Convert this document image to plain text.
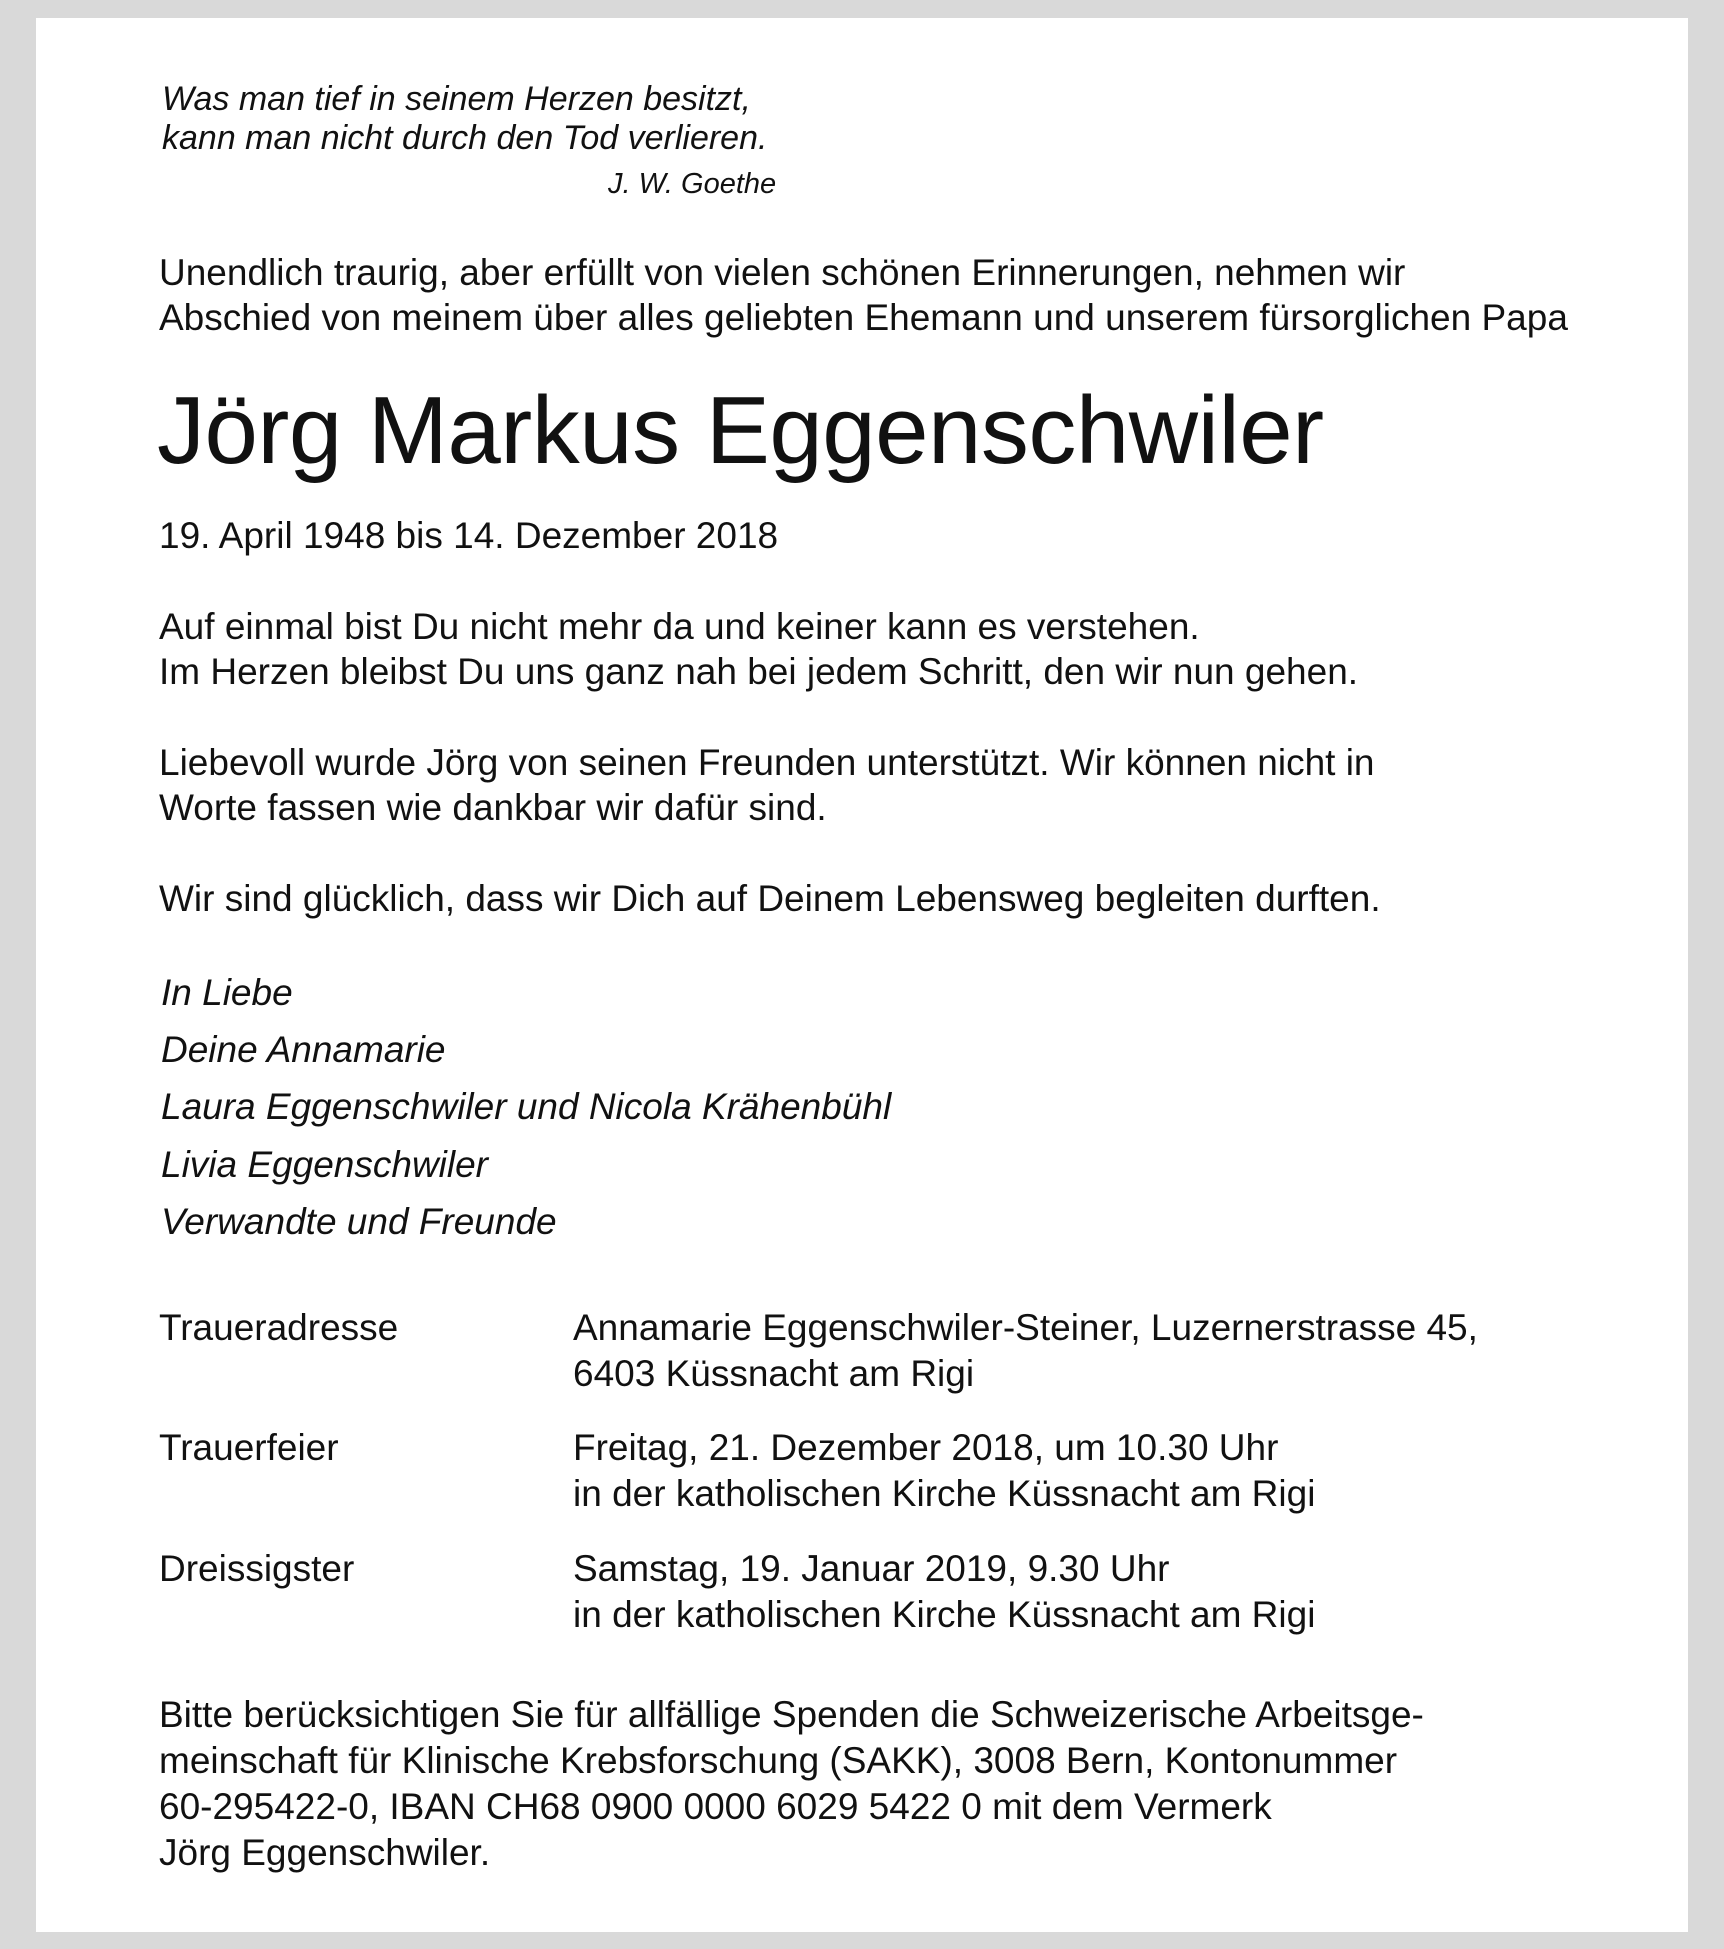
Was man tief in seinem Herzen besitzt,
kann man nicht durch den Tod verlieren.
J. W. Goethe
Unendlich traurig, aber erfüllt von vielen schönen Erinnerungen, nehmen wir
Abschied von meinem über alles geliebten Ehemann und unserem fürsorglichen Papa
Jörg Markus Eggenschwiler
19. April 1948 bis 14. Dezember 2018
Auf einmal bist Du nicht mehr da und keiner kann es verstehen.
Im Herzen bleibst Du uns ganz nah bei jedem Schritt, den wir nun gehen.
Liebevoll wurde Jörg von seinen Freunden unterstützt. Wir können nicht in
Worte fassen wie dankbar wir dafür sind.
Wir sind glücklich, dass wir Dich auf Deinem Lebensweg begleiten durften.
In Liebe
Deine Annamarie
Laura Eggenschwiler und Nicola Krähenbühl
Livia Eggenschwiler
Verwandte und Freunde
Traueradresse	Annamarie Eggenschwiler-Steiner, Luzernerstrasse 45,
6403 Küssnacht am Rigi
Trauerfeier	Freitag, 21. Dezember 2018, um 10.30 Uhr
in der katholischen Kirche Küssnacht am Rigi
Dreissigster	Samstag, 19. Januar 2019, 9.30 Uhr
in der katholischen Kirche Küssnacht am Rigi
Bitte berücksichtigen Sie für allfällige Spenden die Schweizerische Arbeitsge-
meinschaft für Klinische Krebsforschung (SAKK), 3008 Bern, Kontonummer
60-295422-0, IBAN CH68 0900 0000 6029 5422 0 mit dem Vermerk
Jörg Eggenschwiler.
